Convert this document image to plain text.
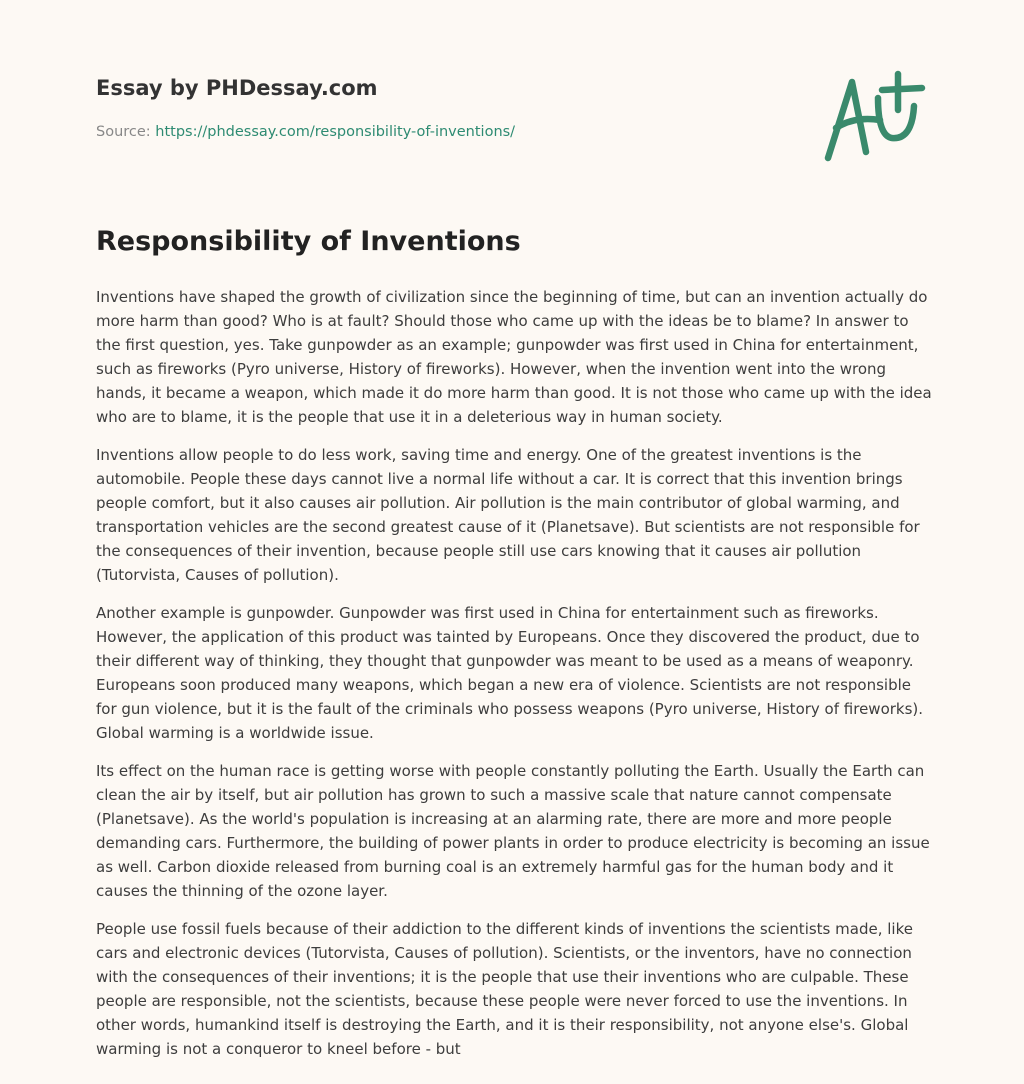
Essay by PHDessay.com
Source: https://phdessay.com/responsibility-of-inventions/
Responsibility of Inventions

Inventions have shaped the growth of civilization since the beginning of time, but can an invention actually do more harm than good? Who is at fault? Should those who came up with the ideas be to blame? In answer to the first question, yes. Take gunpowder as an example; gunpowder was first used in China for entertainment, such as fireworks (Pyro universe, History of fireworks). However, when the invention went into the wrong hands, it became a weapon, which made it do more harm than good. It is not those who came up with the idea who are to blame, it is the people that use it in a deleterious way in human society.

Inventions allow people to do less work, saving time and energy. One of the greatest inventions is the automobile. People these days cannot live a normal life without a car. It is correct that this invention brings people comfort, but it also causes air pollution. Air pollution is the main contributor of global warming, and transportation vehicles are the second greatest cause of it (Planetsave). But scientists are not responsible for the consequences of their invention, because people still use cars knowing that it causes air pollution (Tutorvista, Causes of pollution).

Another example is gunpowder. Gunpowder was first used in China for entertainment such as fireworks. However, the application of this product was tainted by Europeans. Once they discovered the product, due to their different way of thinking, they thought that gunpowder was meant to be used as a means of weaponry. Europeans soon produced many weapons, which began a new era of violence. Scientists are not responsible for gun violence, but it is the fault of the criminals who possess weapons (Pyro universe, History of fireworks). Global warming is a worldwide issue.

Its effect on the human race is getting worse with people constantly polluting the Earth. Usually the Earth can clean the air by itself, but air pollution has grown to such a massive scale that nature cannot compensate (Planetsave). As the world's population is increasing at an alarming rate, there are more and more people demanding cars. Furthermore, the building of power plants in order to produce electricity is becoming an issue as well. Carbon dioxide released from burning coal is an extremely harmful gas for the human body and it causes the thinning of the ozone layer.

People use fossil fuels because of their addiction to the different kinds of inventions the scientists made, like cars and electronic devices (Tutorvista, Causes of pollution). Scientists, or the inventors, have no connection with the consequences of their inventions; it is the people that use their inventions who are culpable. These people are responsible, not the scientists, because these people were never forced to use the inventions. In other words, humankind itself is destroying the Earth, and it is their responsibility, not anyone else's. Global warming is not a conqueror to kneel before - but
